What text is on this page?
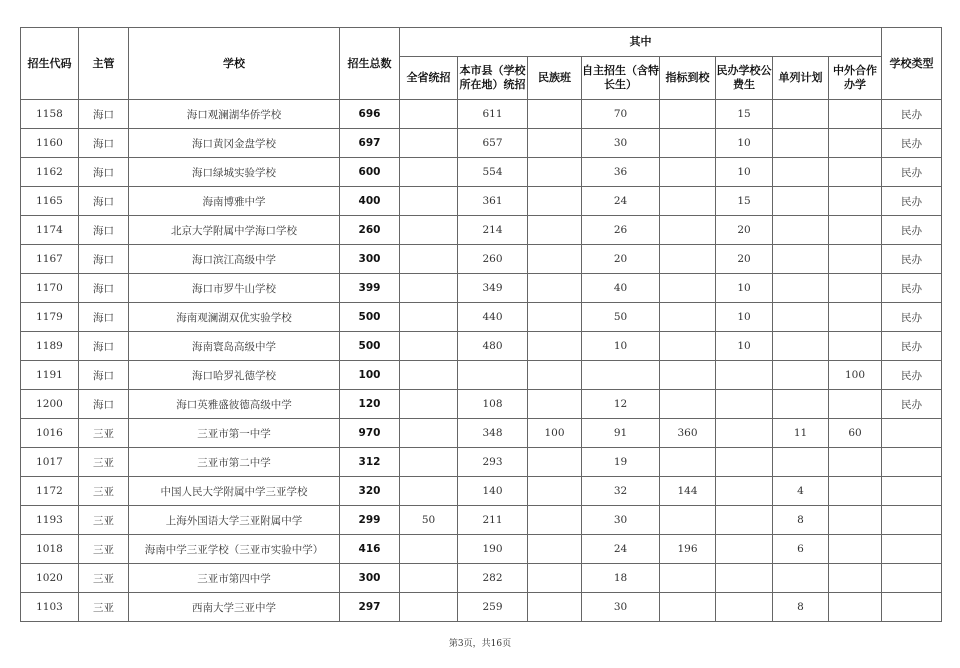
招生代码	主管	学校	招生总数	其中								学校类型
				全省统招	本市县（学校所在地）统招	民族班	自主招生（含特长生）	指标到校	民办学校公费生	单列计划	中外合作办学	
1158	海口	海口观澜湖华侨学校	696		611		70		15			民办
1160	海口	海口黄冈金盘学校	697		657		30		10			民办
1162	海口	海口绿城实验学校	600		554		36		10			民办
1165	海口	海南博雅中学	400		361		24		15			民办
1174	海口	北京大学附属中学海口学校	260		214		26		20			民办
1167	海口	海口滨江高级中学	300		260		20		20			民办
1170	海口	海口市罗牛山学校	399		349		40		10			民办
1179	海口	海南观澜湖双优实验学校	500		440		50		10			民办
1189	海口	海南寰岛高级中学	500		480		10		10			民办
1191	海口	海口哈罗礼德学校	100								100	民办
1200	海口	海口英雅盛彼德高级中学	120		108		12					民办
1016	三亚	三亚市第一中学	970		348	100	91	360		11	60	
1017	三亚	三亚市第二中学	312		293		19					
1172	三亚	中国人民大学附属中学三亚学校	320		140		32	144		4		
1193	三亚	上海外国语大学三亚附属中学	299	50	211		30			8		
1018	三亚	海南中学三亚学校（三亚市实验中学）	416		190		24	196		6		
1020	三亚	三亚市第四中学	300		282		18					
1103	三亚	西南大学三亚中学	297		259		30			8		
第3页，共16页
